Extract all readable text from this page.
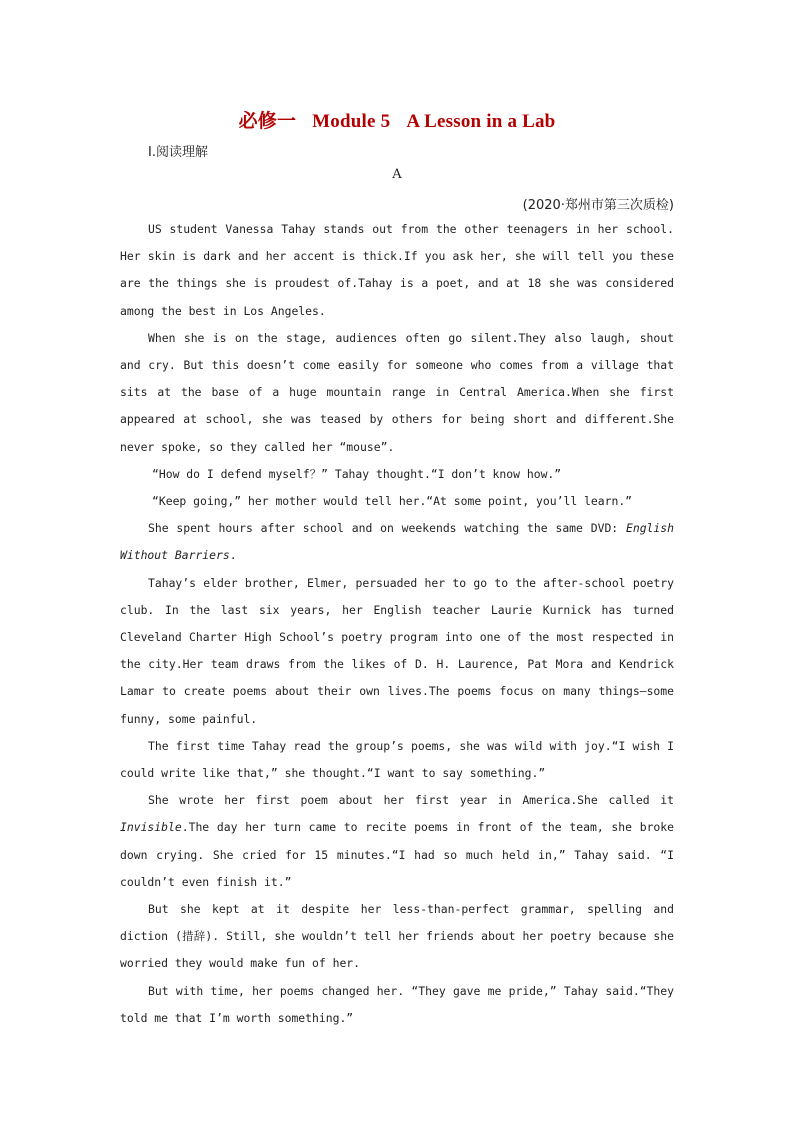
必修一 Module 5 A Lesson in a Lab
Ⅰ.阅读理解
A
(2020·郑州市第三次质检)

US student Vanessa Tahay stands out from the other teenagers in her school. Her skin is dark and her accent is thick.If you ask her, she will tell you these are the things she is proudest of.Tahay is a poet, and at 18 she was considered among the best in Los Angeles.

When she is on the stage, audiences often go silent.They also laugh, shout and cry. But this doesn’t come easily for someone who comes from a village that sits at the base of a huge mountain range in Central America.When she first appeared at school, she was teased by others for being short and different.She never spoke, so they called her “mouse”.

“How do I defend myself？” Tahay thought.“I don’t know how.”

“Keep going,” her mother would tell her.“At some point, you’ll learn.”

She spent hours after school and on weekends watching the same DVD: English Without Barriers.

Tahay’s elder brother, Elmer, persuaded her to go to the after-school poetry club. In the last six years, her English teacher Laurie Kurnick has turned Cleveland Charter High School’s poetry program into one of the most respected in the city.Her team draws from the likes of D. H. Laurence, Pat Mora and Kendrick Lamar to create poems about their own lives.The poems focus on many things—some funny, some painful.

The first time Tahay read the group’s poems, she was wild with joy.“I wish I could write like that,” she thought.“I want to say something.”

She wrote her first poem about her first year in America.She called it Invisible.The day her turn came to recite poems in front of the team, she broke down crying. She cried for 15 minutes.“I had so much held in,” Tahay said. “I couldn’t even finish it.”

But she kept at it despite her less-than-perfect grammar, spelling and diction (措辞). Still, she wouldn’t tell her friends about her poetry because she worried they would make fun of her.

But with time, her poems changed her. “They gave me pride,” Tahay said.“They told me that I’m worth something.”
